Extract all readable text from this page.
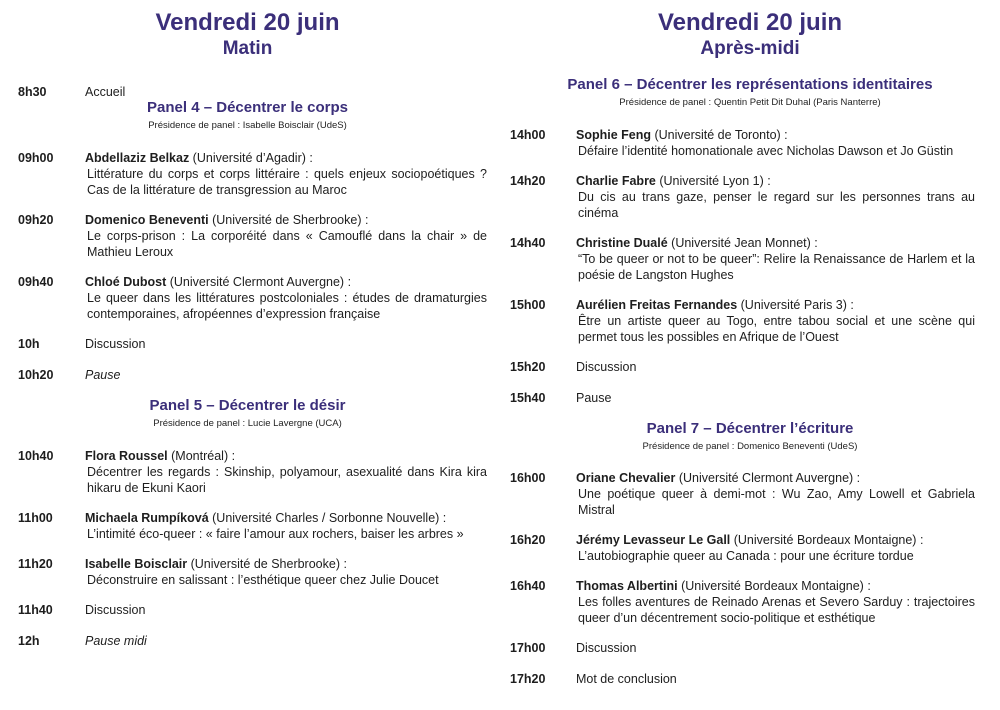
Vendredi 20 juin
Matin
8h30	Accueil
Panel 4 – Décentrer le corps
Présidence de panel : Isabelle Boisclair (UdeS)
09h00	Abdellaziz Belkaz (Université d’Agadir) :
Littérature du corps et corps littéraire : quels enjeux sociopoétiques ? Cas de la littérature de transgression au Maroc
09h20	Domenico Beneventi (Université de Sherbrooke) :
Le corps-prison : La corporéité dans « Camouflé dans la chair » de Mathieu Leroux
09h40	Chloé Dubost (Université Clermont Auvergne) :
Le queer dans les littératures postcoloniales : études de dramaturgies contemporaines, afropéennes d’expression française
10h	Discussion
10h20	Pause
Panel 5 – Décentrer le désir
Présidence de panel : Lucie Lavergne (UCA)
10h40	Flora Roussel (Montréal) :
Décentrer les regards : Skinship, polyamour, asexualité dans Kira kira hikaru de Ekuni Kaori
11h00	Michaela Rumpíková (Université Charles / Sorbonne Nouvelle) :
L’intimité éco-queer : « faire l’amour aux rochers, baiser les arbres »
11h20	Isabelle Boisclair (Université de Sherbrooke) :
Déconstruire en salissant : l’esthétique queer chez Julie Doucet
11h40	Discussion
12h	Pause midi
Vendredi 20 juin
Après-midi
Panel 6 – Décentrer les représentations identitaires
Présidence de panel : Quentin Petit Dit Duhal (Paris Nanterre)
14h00 Sophie Feng (Université de Toronto) :
Défaire l’identité homonationale avec Nicholas Dawson et Jo Güstin
14h20 Charlie Fabre (Université Lyon 1) :
Du cis au trans gaze, penser le regard sur les personnes trans au cinéma
14h40 Christine Dualé (Université Jean Monnet) :
“To be queer or not to be queer”: Relire la Renaissance de Harlem et la poésie de Langston Hughes
15h00 Aurélien Freitas Fernandes (Université Paris 3) :
Être un artiste queer au Togo, entre tabou social et une scène qui permet tous les possibles en Afrique de l’Ouest
15h20 Discussion
15h40 Pause
Panel 7 – Décentrer l’écriture
Présidence de panel : Domenico Beneventi (UdeS)
16h00 Oriane Chevalier (Université Clermont Auvergne) :
Une poétique queer à demi-mot : Wu Zao, Amy Lowell et Gabriela Mistral
16h20 Jérémy Levasseur Le Gall (Université Bordeaux Montaigne) :
L’autobiographie queer au Canada : pour une écriture tordue
16h40 Thomas Albertini (Université Bordeaux Montaigne) :
Les folles aventures de Reinado Arenas et Severo Sarduy : trajectoires queer d’un décentrement socio-politique et esthétique
17h00 Discussion
17h20 Mot de conclusion
